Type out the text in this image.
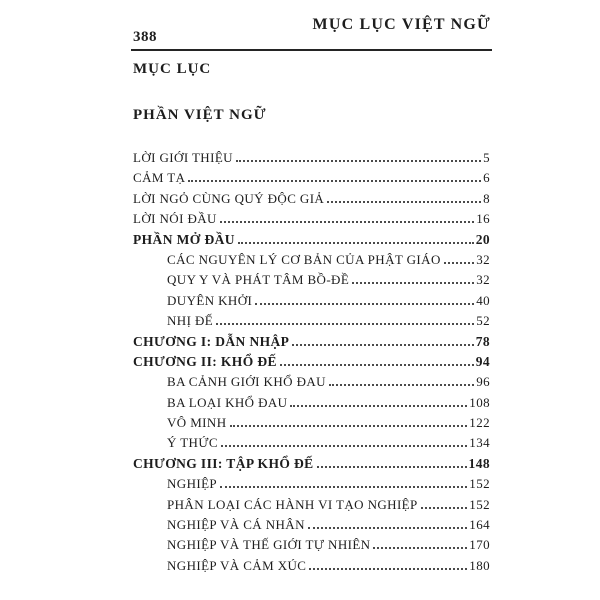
388
MỤC LỤC VIỆT NGỮ
MỤC LỤC
PHẦN VIỆT NGỮ
LỜI GIỚI THIỆU	5
CẢM TẠ	6
LỜI NGỎ CÙNG QUÝ ĐỘC GIẢ	8
LỜI NÓI ĐẦU	16
PHẦN MỞ ĐẦU	20
CÁC NGUYÊN LÝ CƠ BẢN CỦA PHẬT GIÁO	32
QUY Y VÀ PHÁT TÂM BỒ-ĐỀ	32
DUYÊN KHỞI	40
NHỊ ĐẾ	52
CHƯƠNG I: DẪN NHẬP	78
CHƯƠNG II: KHỔ ĐẾ	94
BA CẢNH GIỚI KHỔ ĐAU	96
BA LOẠI KHỔ ĐAU	108
VÔ MINH	122
Ý THỨC	134
CHƯƠNG III: TẬP KHỔ ĐẾ	148
NGHIỆP	152
PHÂN LOẠI CÁC HÀNH VI TẠO NGHIỆP	152
NGHIỆP VÀ CÁ NHÂN	164
NGHIỆP VÀ THẾ GIỚI TỰ NHIÊN	170
NGHIỆP VÀ CẢM XÚC	180
